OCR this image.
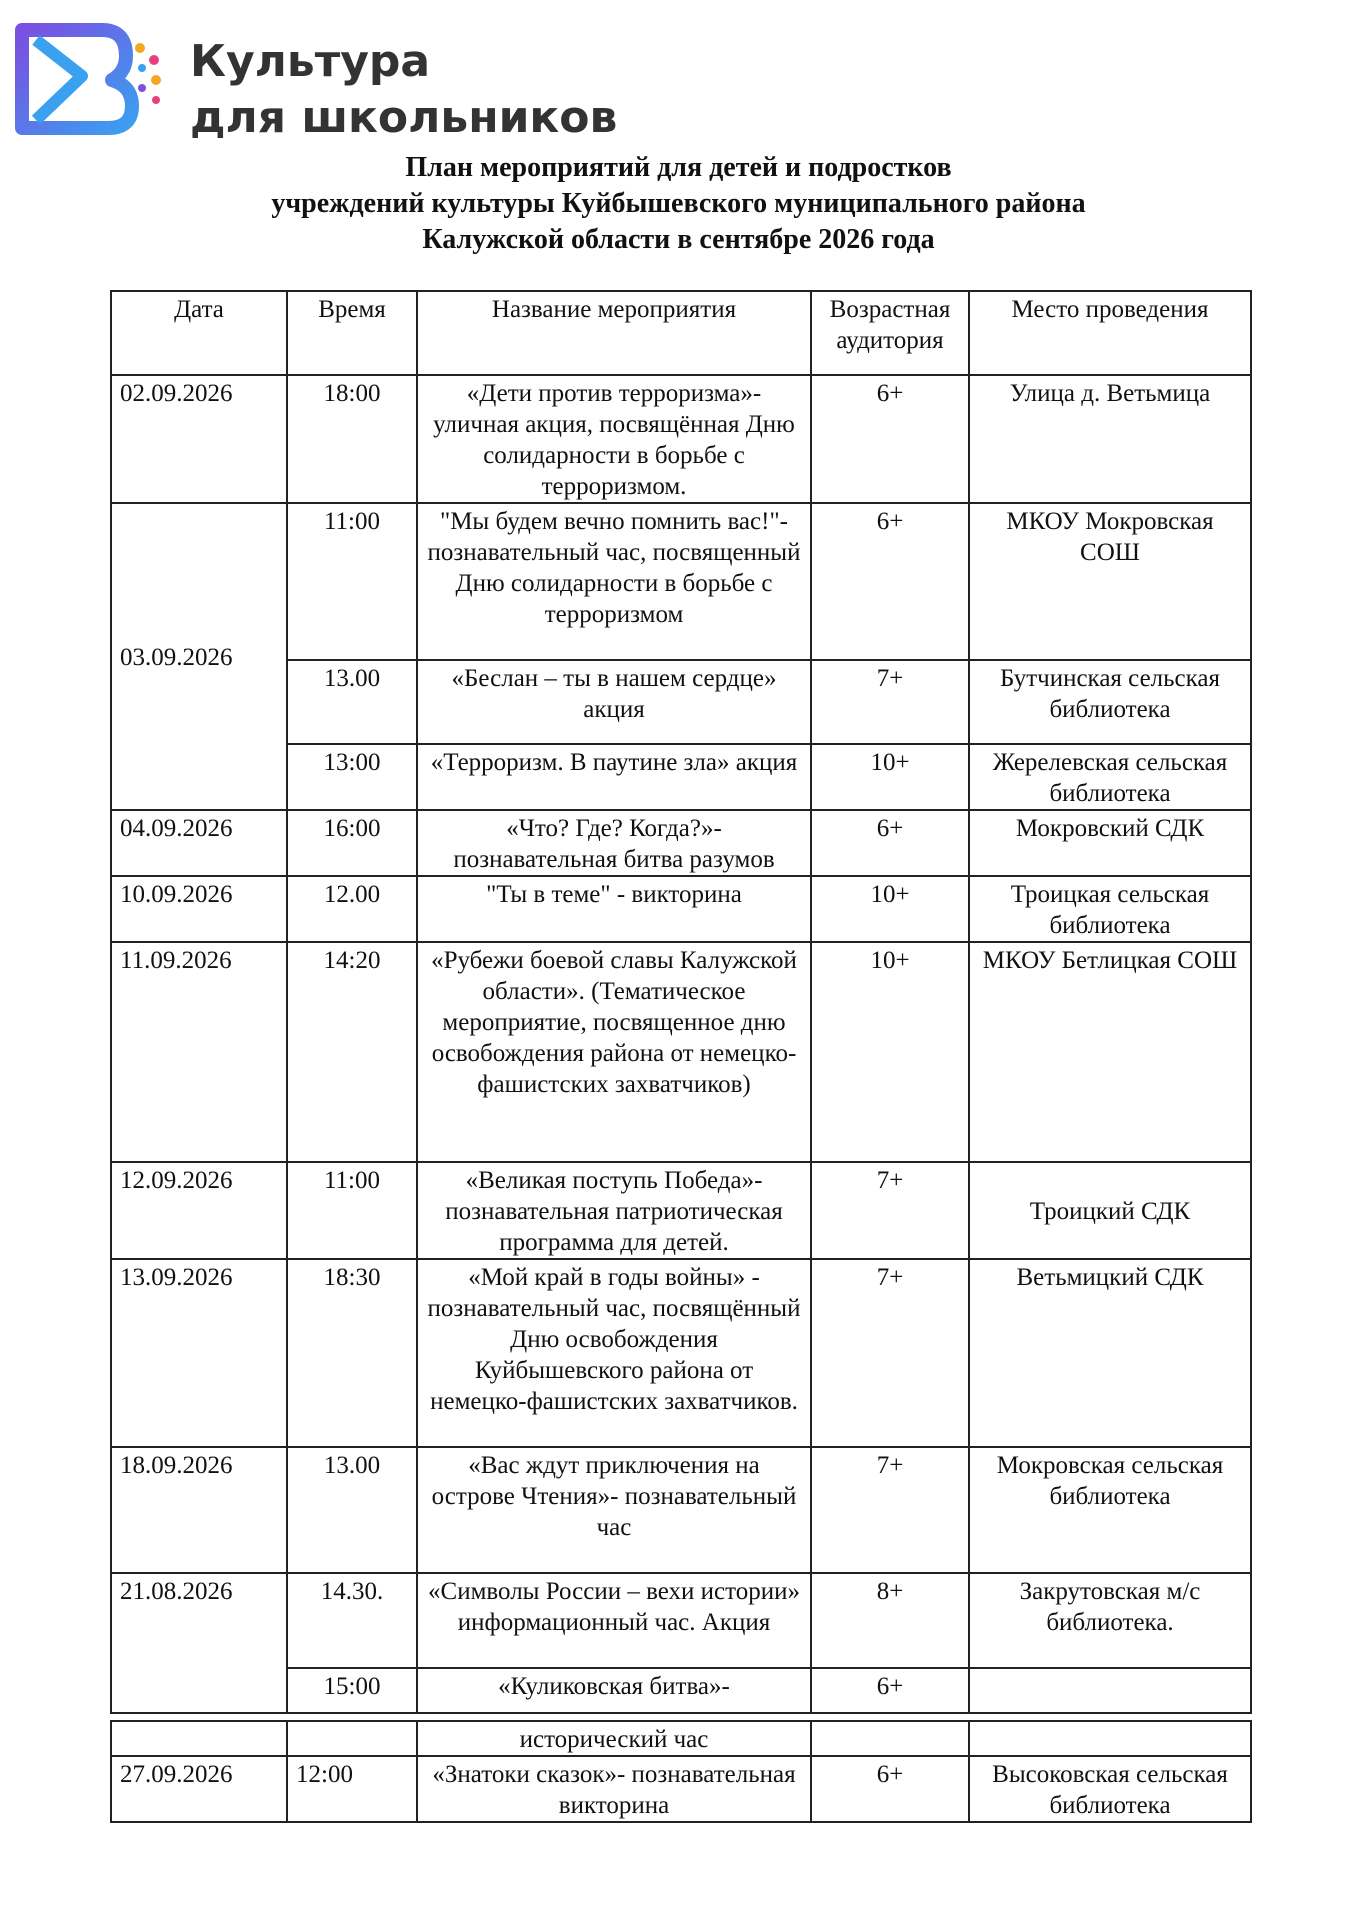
Культура
для школьников
План мероприятий для детей и подростков
учреждений культуры Куйбышевского муниципального района
Калужской области в сентябре 2026 года
Дата	Время	Название мероприятия	Возрастная аудитория	Место проведения
02.09.2026	18:00	«Дети против терроризма»- уличная акция, посвящённая Дню солидарности в борьбе с терроризмом.	6+	Улица д. Ветьмица
03.09.2026	11:00	"Мы будем вечно помнить вас!"- познавательный час, посвященный Дню солидарности в борьбе с терроризмом	6+	МКОУ Мокровская СОШ
	13.00	«Беслан – ты в нашем сердце» акция	7+	Бутчинская сельская библиотека
	13:00	«Терроризм. В паутине зла» акция	10+	Жерелевская сельская библиотека
04.09.2026	16:00	«Что? Где? Когда?»- познавательная битва разумов	6+	Мокровский СДК
10.09.2026	12.00	"Ты в теме" - викторина	10+	Троицкая сельская библиотека
11.09.2026	14:20	«Рубежи боевой славы Калужской области». (Тематическое мероприятие, посвященное дню освобождения района от немецко-фашистских захватчиков)	10+	МКОУ Бетлицкая СОШ
12.09.2026	11:00	«Великая поступь Победа»- познавательная патриотическая программа для детей.	7+	Троицкий СДК
13.09.2026	18:30	«Мой край в годы войны» - познавательный час, посвящённый Дню освобождения Куйбышевского района от немецко-фашистских захватчиков.	7+	Ветьмицкий СДК
18.09.2026	13.00	«Вас ждут приключения на острове Чтения»- познавательный час	7+	Мокровская сельская библиотека
21.08.2026	14.30.	«Символы России – вехи истории» информационный час. Акция	8+	Закрутовская м/с библиотека.
	15:00	«Куликовская битва»-	6+	
		исторический час		
27.09.2026	12:00	«Знатоки сказок»- познавательная викторина	6+	Высоковская сельская библиотека
